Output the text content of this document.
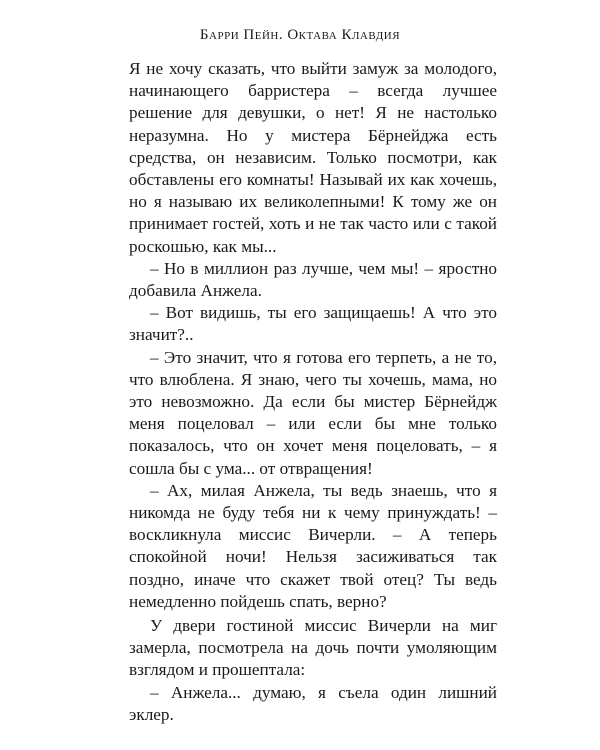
Барри Пейн. Октава Клавдия

Я не хочу сказать, что выйти замуж за молодого, начинающего барристера – всегда лучшее решение для девушки, о нет! Я не настолько неразумна. Но у мистера Бёрнейджа есть средства, он независим. Только посмотри, как обставлены его комнаты! Называй их как хочешь, но я называю их великолепными! К тому же он принимает гостей, хоть и не так часто или с такой роскошью, как мы...

– Но в миллион раз лучше, чем мы! – яростно добавила Анжела.

– Вот видишь, ты его защищаешь! А что это значит?..

– Это значит, что я готова его терпеть, а не то, что влюблена. Я знаю, чего ты хочешь, мама, но это невозможно. Да если бы мистер Бёрнейдж меня поцеловал – или если бы мне только показалось, что он хочет меня поцеловать, – я сошла бы с ума... от отвращения!

– Ах, милая Анжела, ты ведь знаешь, что я никомда не буду тебя ни к чему принуждать! – воскликнула миссис Вичерли. – А теперь спокойной ночи! Нельзя засиживаться так поздно, иначе что скажет твой отец? Ты ведь немедленно пойдешь спать, верно?

У двери гостиной миссис Вичерли на миг замерла, посмотрела на дочь почти умоляющим взглядом и прошептала:

– Анжела... думаю, я съела один лишний эклер.
